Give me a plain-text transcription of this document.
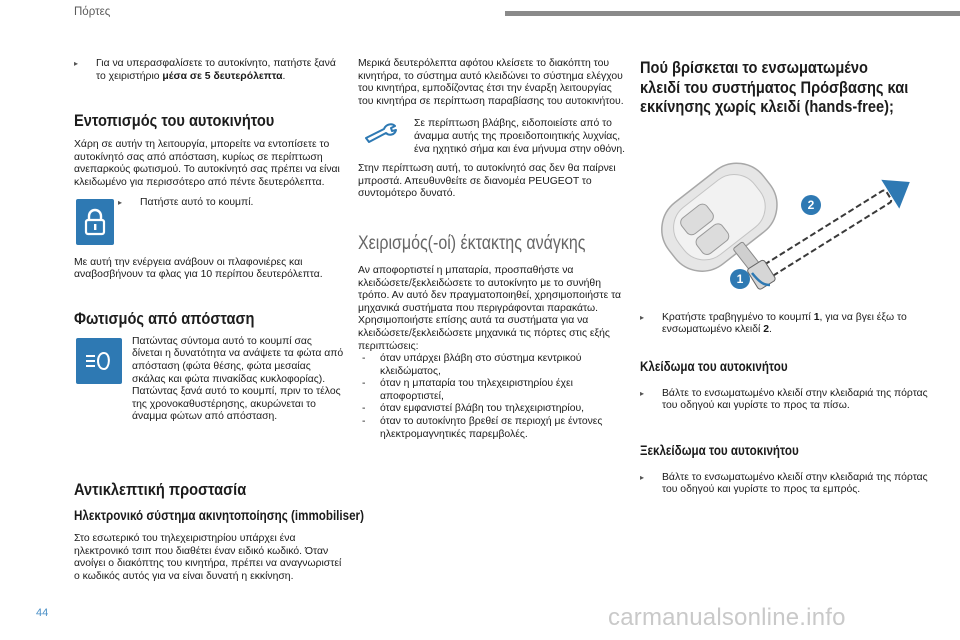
Πόρτες
▸ Για να υπερασφαλίσετε το αυτοκίνητο, πατήστε ξανά το χειριστήριο μέσα σε 5 δευτερόλεπτα.
Εντοπισμός του αυτοκινήτου

Χάρη σε αυτήν τη λειτουργία, μπορείτε να εντοπίσετε το αυτοκίνητό σας από απόσταση, κυρίως σε περίπτωση ανεπαρκούς φωτισμού. Το αυτοκίνητό σας πρέπει να είναι κλειδωμένο για περισσότερο από πέντε δευτερόλεπτα.

▸ Πατήστε αυτό το κουμπί.

Με αυτή την ενέργεια ανάβουν οι πλαφονιέρες και αναβοσβήνουν τα φλας για 10 περίπου δευτερόλεπτα.

Φωτισμός από απόσταση

Πατώντας σύντομα αυτό το κουμπί σας δίνεται η δυνατότητα να ανάψετε τα φώτα από απόσταση (φώτα θέσης, φώτα μεσαίας σκάλας και φώτα πινακίδας κυκλοφορίας). Πατώντας ξανά αυτό το κουμπί, πριν το τέλος της χρονοκαθυστέρησης, ακυρώνεται το άναμμα φώτων από απόσταση.

Αντικλεπτική προστασία
Ηλεκτρονικό σύστημα ακινητοποίησης (immobiliser)

Στο εσωτερικό του τηλεχειριστηρίου υπάρχει ένα ηλεκτρονικό τσιπ που διαθέτει έναν ειδικό κωδικό. Όταν ανοίγει ο διακόπτης του κινητήρα, πρέπει να αναγνωριστεί ο κωδικός αυτός για να είναι δυνατή η εκκίνηση.

Μερικά δευτερόλεπτα αφότου κλείσετε το διακόπτη του κινητήρα, το σύστημα αυτό κλειδώνει το σύστημα ελέγχου του κινητήρα, εμποδίζοντας έτσι την έναρξη λειτουργίας του κινητήρα σε περίπτωση παραβίασης του αυτοκινήτου.

Σε περίπτωση βλάβης, ειδοποιείστε από το άναμμα αυτής της προειδοποιητικής λυχνίας, ένα ηχητικό σήμα και ένα μήνυμα στην οθόνη.

Στην περίπτωση αυτή, το αυτοκίνητό σας δεν θα παίρνει μπροστά. Απευθυνθείτε σε διανομέα PEUGEOT το συντομότερο δυνατό.

Χειρισμός(-οί) έκτακτης ανάγκης

Αν αποφορτιστεί η μπαταρία, προσπαθήστε να κλειδώσετε/ξεκλειδώσετε το αυτοκίνητο με το συνήθη τρόπο. Αν αυτό δεν πραγματοποιηθεί, χρησιμοποιήστε τα μηχανικά συστήματα που περιγράφονται παρακάτω. Χρησιμοποιήστε επίσης αυτά τα συστήματα για να κλειδώσετε/ξεκλειδώσετε μηχανικά τις πόρτες στις εξής περιπτώσεις:

- όταν υπάρχει βλάβη στο σύστημα κεντρικού κλειδώματος,
- όταν η μπαταρία του τηλεχειριστηρίου έχει αποφορτιστεί,
- όταν εμφανιστεί βλάβη του τηλεχειριστηρίου,
- όταν το αυτοκίνητο βρεθεί σε περιοχή με έντονες ηλεκτρομαγνητικές παρεμβολές.
Πού βρίσκεται το ενσωματωμένο
κλειδί του συστήματος Πρόσβασης και
εκκίνησης χωρίς κλειδί (hands-free);
1
2
▸ Κρατήστε τραβηγμένο το κουμπί 1, για να βγει έξω το ενσωματωμένο κλειδί 2.
Κλείδωμα του αυτοκινήτου
▸ Βάλτε το ενσωματωμένο κλειδί στην κλειδαριά της πόρτας του οδηγού και γυρίστε το προς τα πίσω.
Ξεκλείδωμα του αυτοκινήτου
▸ Βάλτε το ενσωματωμένο κλειδί στην κλειδαριά της πόρτας του οδηγού και γυρίστε το προς τα εμπρός.
44	carmanualsonline.info
